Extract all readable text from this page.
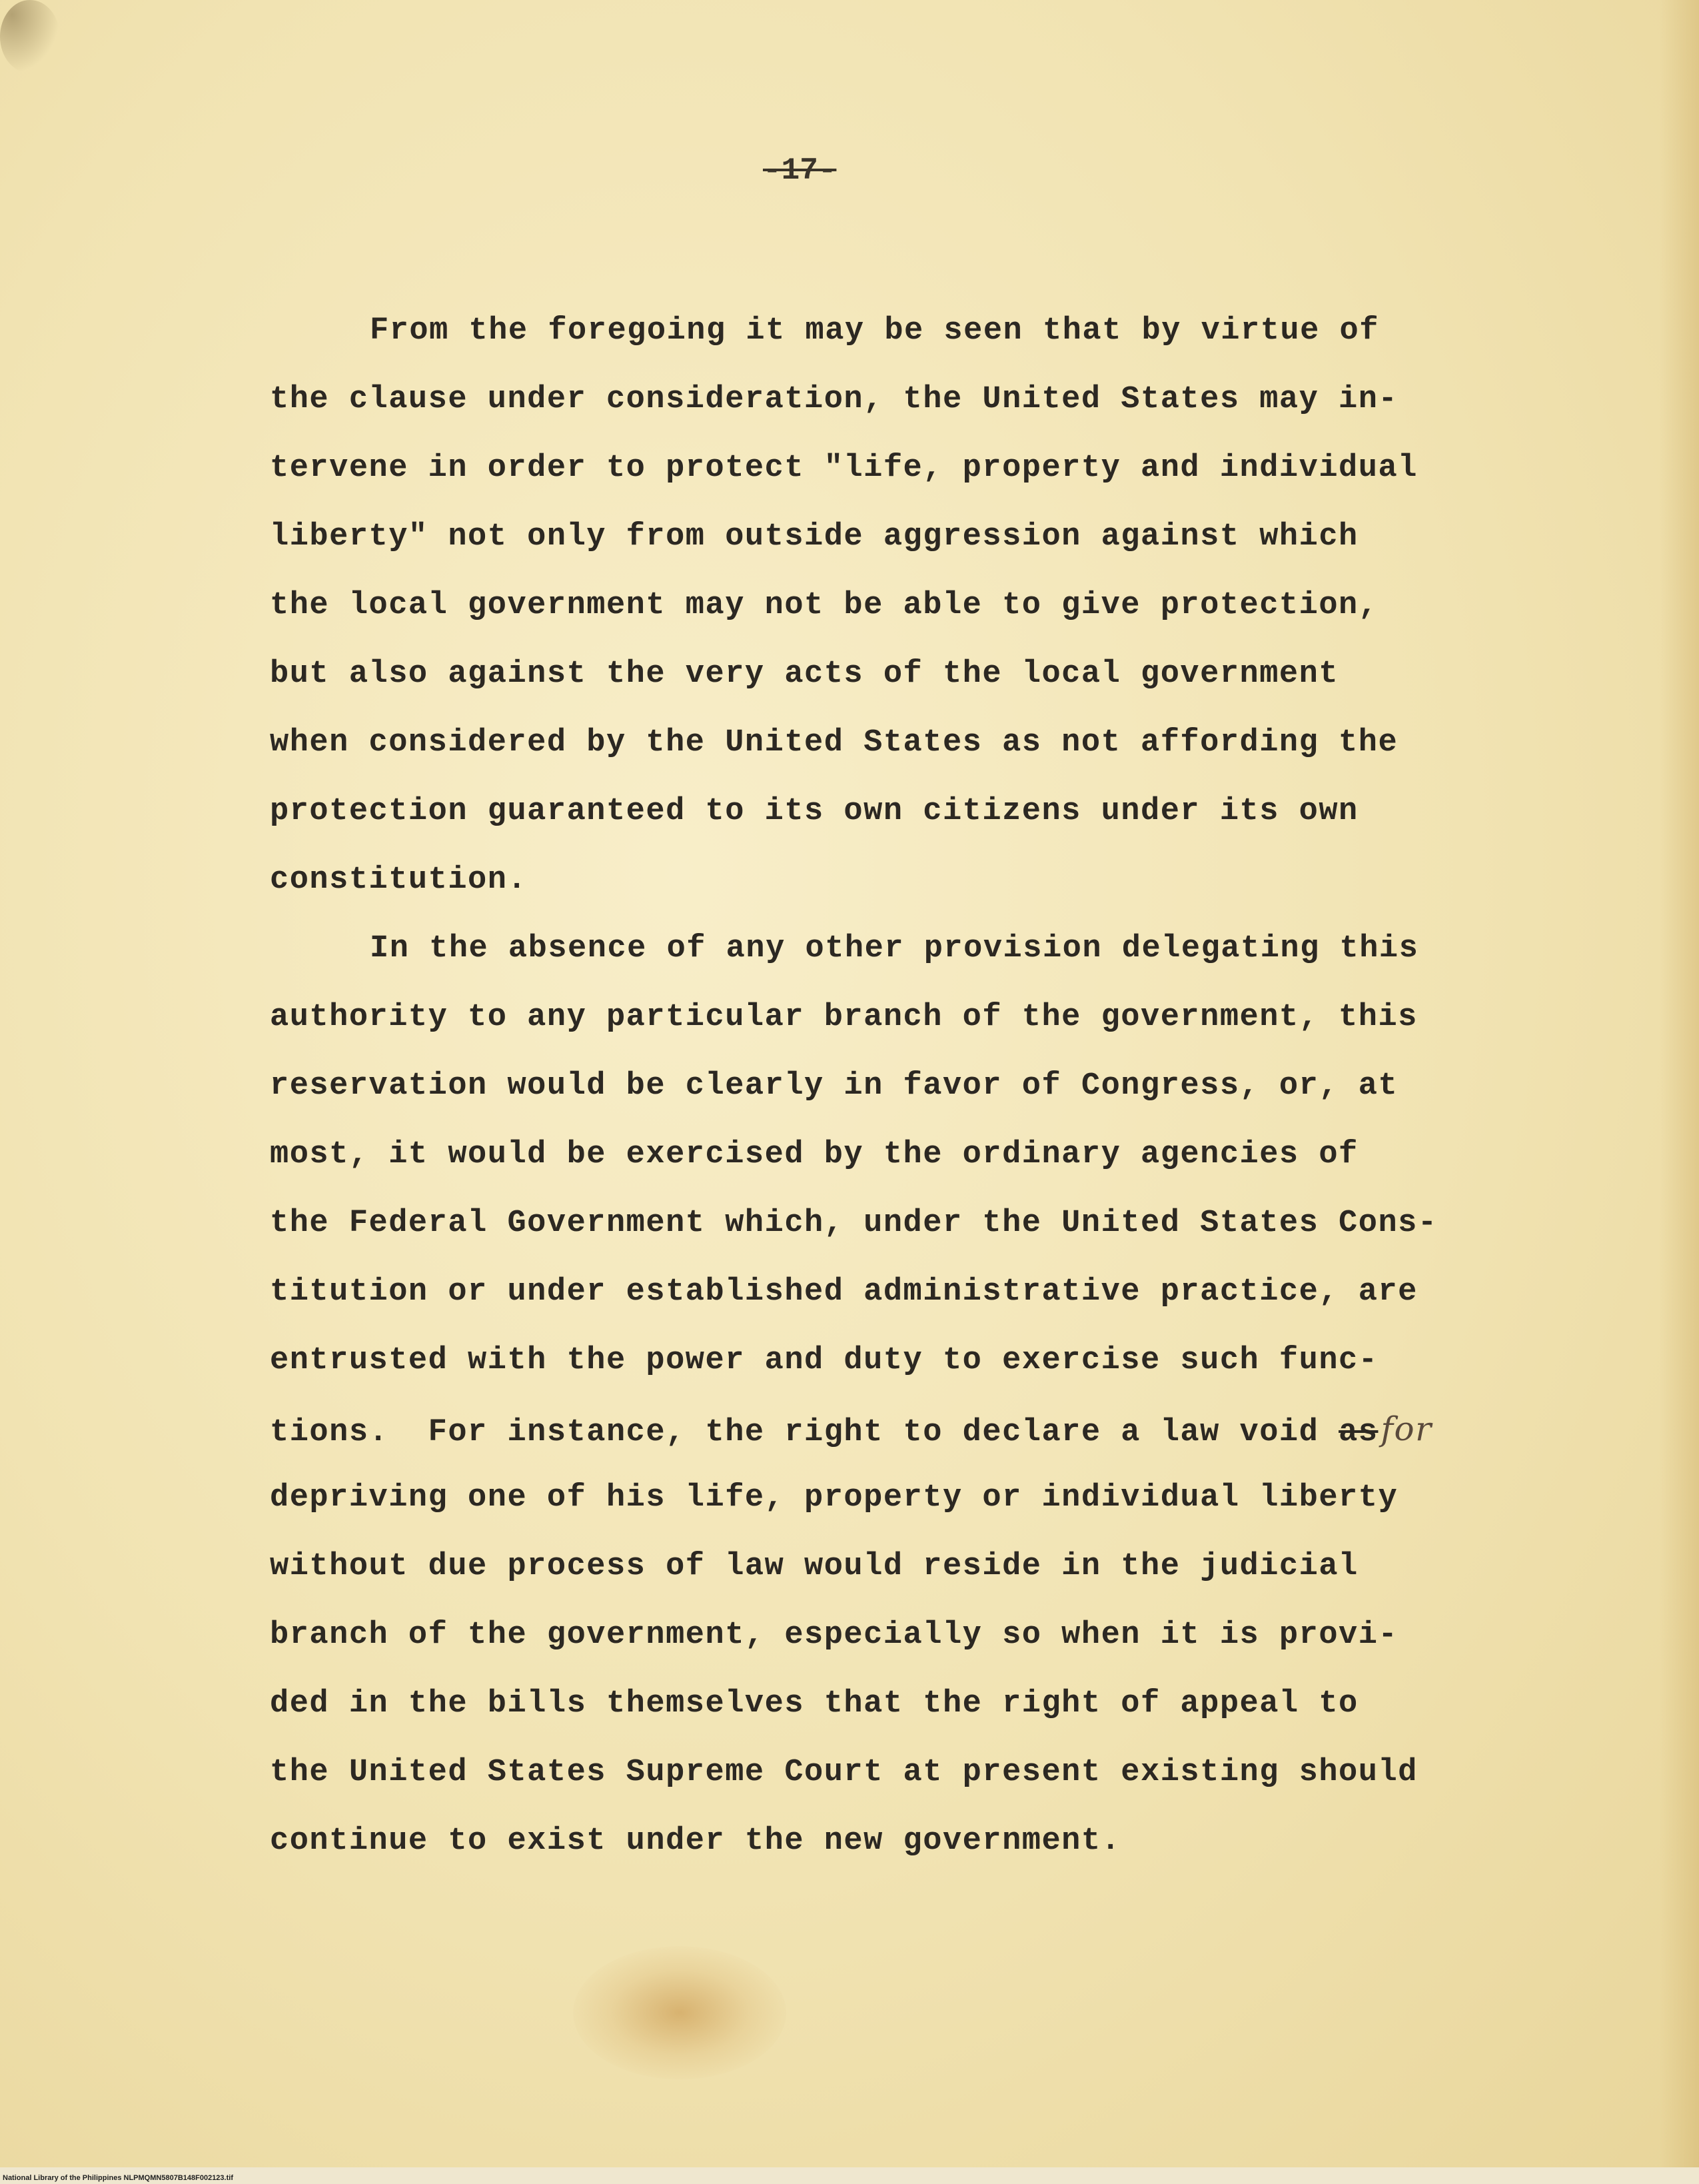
-17-
From the foregoing it may be seen that by virtue of
the clause under consideration, the United States may in-
tervene in order to protect "life, property and individual
liberty" not only from outside aggression against which
the local government may not be able to give protection,
but also against the very acts of the local government
when considered by the United States as not affording the
protection guaranteed to its own citizens under its own
constitution.
In the absence of any other provision delegating this
authority to any particular branch of the government, this
reservation would be clearly in favor of Congress, or, at
most, it would be exercised by the ordinary agencies of
the Federal Government which, under the United States Cons-
titution or under established administrative practice, are
entrusted with the power and duty to exercise such func-
tions.  For instance, the right to declare a law void asfor
depriving one of his life, property or individual liberty
without due process of law would reside in the judicial
branch of the government, especially so when it is provi-
ded in the bills themselves that the right of appeal to
the United States Supreme Court at present existing should
continue to exist under the new government.
National Library of the Philippines NLPMQMN5807B148F002123.tif
